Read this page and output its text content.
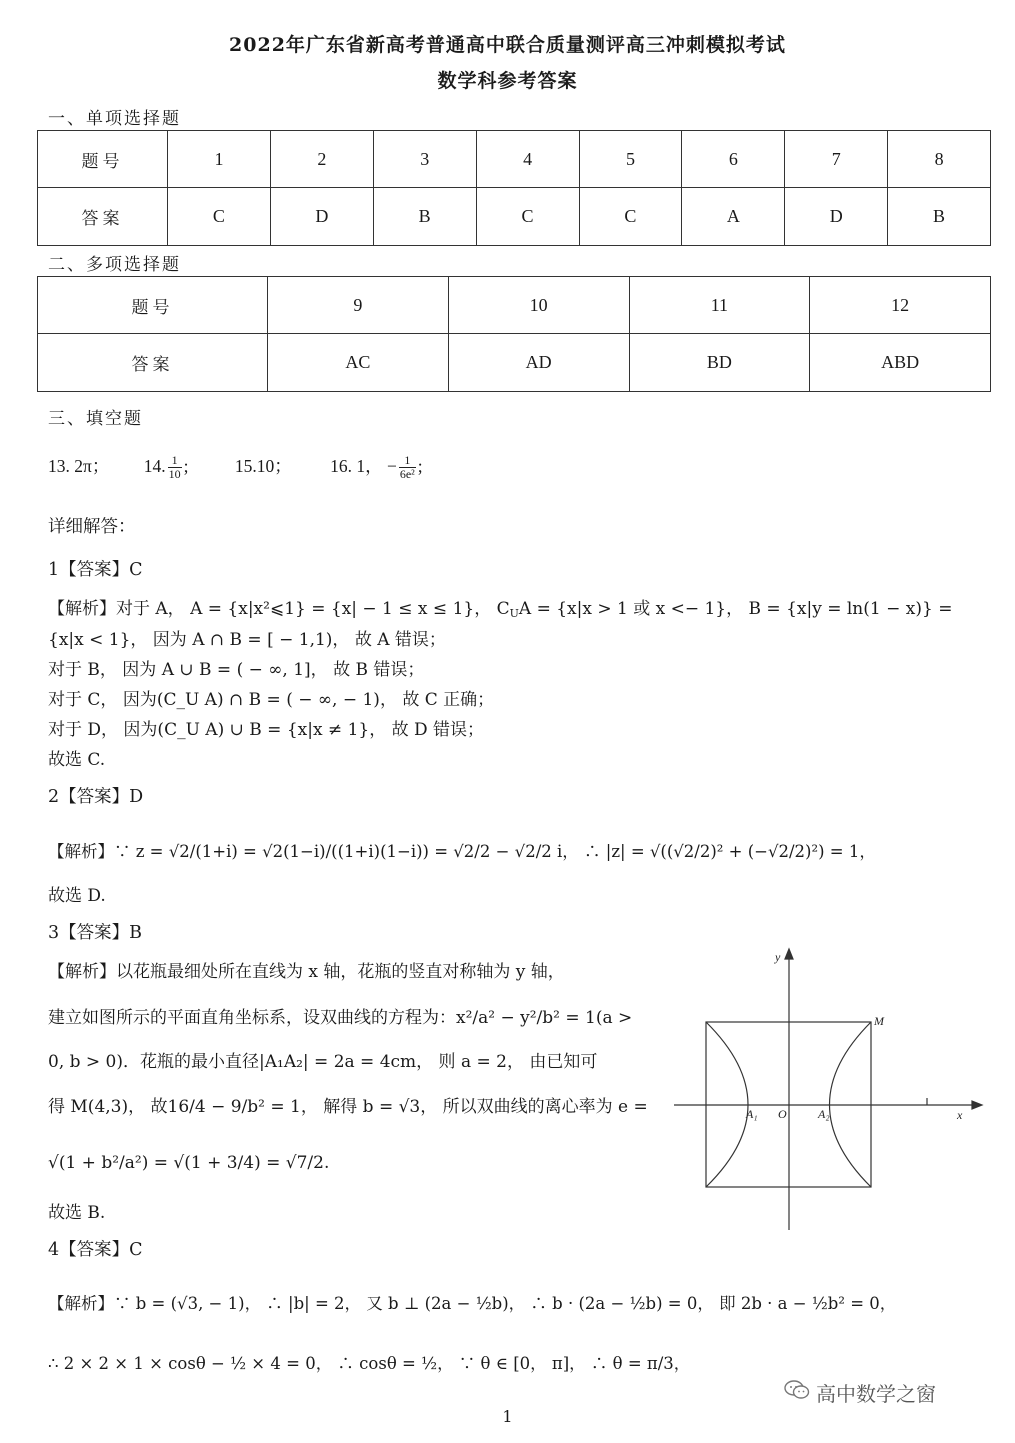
2022年广东省新高考普通高中联合质量测评高三冲刺模拟考试
数学科参考答案
一、单项选择题
题号	1	2	3	4	5	6	7	8
答案	C	D	B	C	C	A	D	B
二、多项选择题
题号	9	10	11	12
答案	AC	AD	BD	ABD
三、填空题
13. 2π； 14. $\frac{1}{10}$ ;	15.10； 16. 1， − $\frac{1}{\text{6e²}}$ ;
详细解答：
1【答案】C
【解析】对于 A， A = {x|x²⩽1} = {x| − 1 ≤ x ≤ 1}， $C_UA = \{x|x > 1$ 或 x <− 1}， B = {x|y = ln(1 − x)} =
{x|x < 1}， 因为 A ∩ B = [ − 1,1)， 故 A 错误；
对于 B， 因为 A ∪ B = ( − ∞, 1]， 故 B 错误；
对于 C， 因为(C_U A) ∩ B = ( − ∞, − 1)， 故 C 正确；
对于 D， 因为(C_U A) ∪ B = {x|x ≠ 1}， 故 D 错误；
故选 C.
2【答案】D
【解析】∵ z = √2/(1+i) = √2(1−i)/((1+i)(1−i)) = √2/2 − √2/2 i， ∴ |z| = √((√2/2)² + (−√2/2)²) = 1，
故选 D.
3【答案】B
【解析】以花瓶最细处所在直线为 x 轴，花瓶的竖直对称轴为 y 轴，
建立如图所示的平面直角坐标系，设双曲线的方程为：x²/a² − y²/b² = 1(a >
0, b > 0)．花瓶的最小直径|A₁A₂| = 2a = 4cm， 则 a = 2， 由已知可
得 M(4,3)， 故16/4 − 9/b² = 1， 解得 b = √3， 所以双曲线的离心率为 e =
√(1 + b²/a²) = √(1 + 3/4) = √7/2.
故选 B.
y
x
M
O
A₁	A₂
4【答案】C
【解析】∵ b = (√3, − 1)， ∴ |b| = 2， 又 b ⊥ (2a − ½b)， ∴ b · (2a − ½b) = 0， 即 2b · a − ½b² = 0，
∴ 2 × 2 × 1 × cosθ − ½ × 4 = 0， ∴ cosθ = ½， ∵ θ ∈ [0， π]， ∴ θ = π/3，
高中数学之窗
1
